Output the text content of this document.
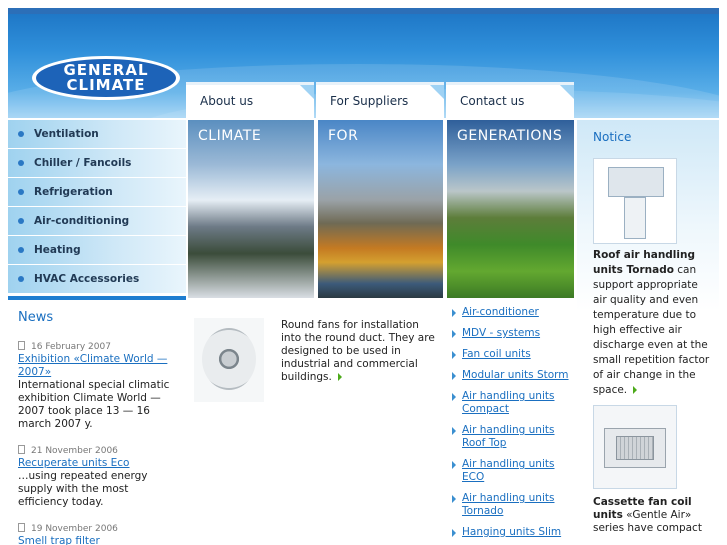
GENERAL
CLIMATE
About us	For Suppliers	Contact us
Ventilation
Chiller / Fancoils
Refrigeration
Air-conditioning
Heating
HVAC Accessories
CLIMATE	FOR	GENERATIONS	Notice
Roof air handling units Tornado can support appropriate air quality and even temperature due to high effective air discharge even at the small repetition factor of air change in the space.
Cassette fan coil units «Gentle Air» series have compact
News
16 February 2007
Exhibition «Climate World — 2007»
International special climatic exhibition Climate World — 2007 took place 13 — 16 march 2007 y.
21 November 2006
Recuperate units Eco
…using repeated energy supply with the most efficiency today.
19 November 2006
Smell trap filter
Round fans for installation into the round duct. They are designed to be used in industrial and commercial buildings.
Air-conditioner
MDV - systems
Fan coil units
Modular units Storm
Air handling units Compact
Air handling units Roof Top
Air handling units ECO
Air handling units Tornado
Hanging units Slim
